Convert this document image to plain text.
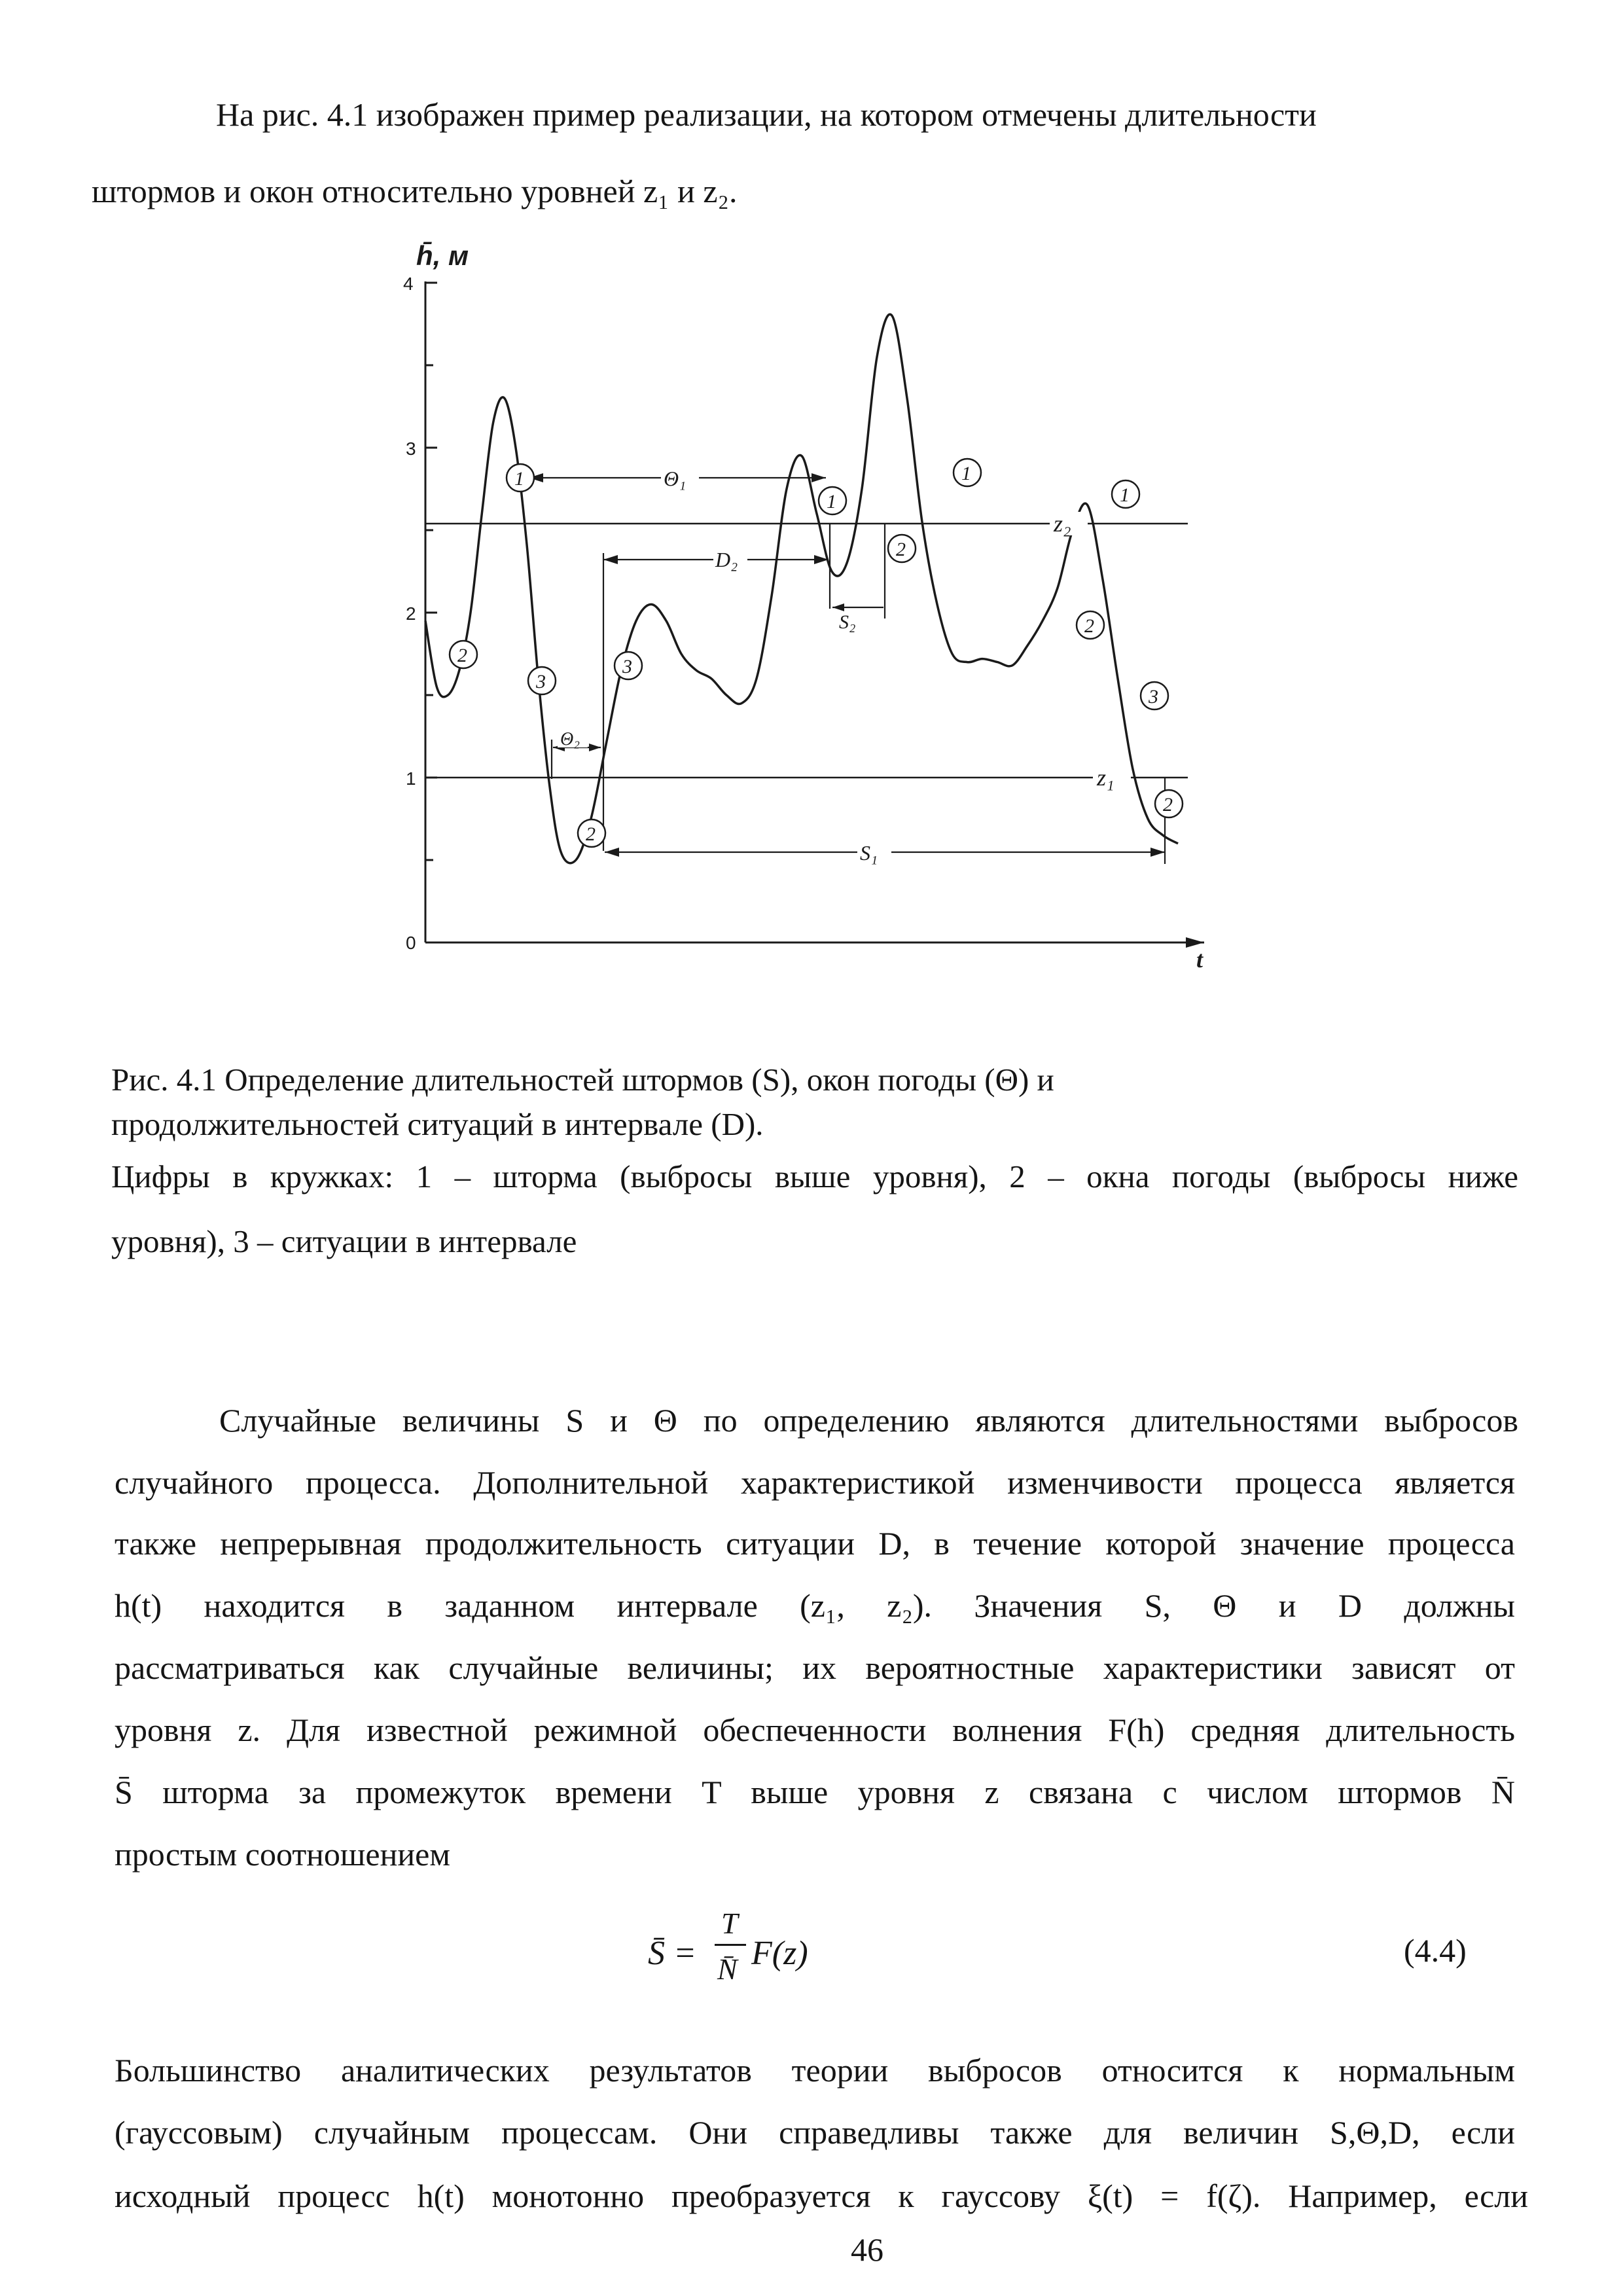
На рис. 4.1 изображен пример реализации, на котором отмечены длительности

штормов и окон относительно уровней z₁ и z₂.

h̄, м
4
3
2
1
0
t
z₂
z₁
Θ₁
D₂
S₂
Θ₂
S₁
1
1
1
1
2
2
2
2
2
3
3
3

Рис. 4.1 Определение длительностей штормов (S), окон погоды (Θ) и

продолжительностей ситуаций в интервале (D).

Цифры в кружках: 1 – шторма (выбросы выше уровня), 2 – окна погоды (выбросы ниже

уровня), 3 – ситуации в интервале

Случайные величины S и Θ по определению являются длительностями выбросов

случайного процесса. Дополнительной характеристикой изменчивости процесса является

также непрерывная продолжительность ситуации D, в течение которой значение процесса

h(t) находится в заданном интервале (z₁, z₂). Значения S, Θ и D должны

рассматриваться как случайные величины; их вероятностные характеристики зависят от

уровня z. Для известной режимной обеспеченности волнения F(h) средняя длительность

S̄ шторма за промежуток времени T выше уровня z связана с числом штормов N̄

простым соотношением

S̄ =
T
N̄ F(z)	(4.4)

Большинство аналитических результатов теории выбросов относится к нормальным

(гауссовым) случайным процессам. Они справедливы также для величин S,Θ,D, если

исходный процесс h(t) монотонно преобразуется к гауссову ξ(t) = f(ζ). Например, если

46
